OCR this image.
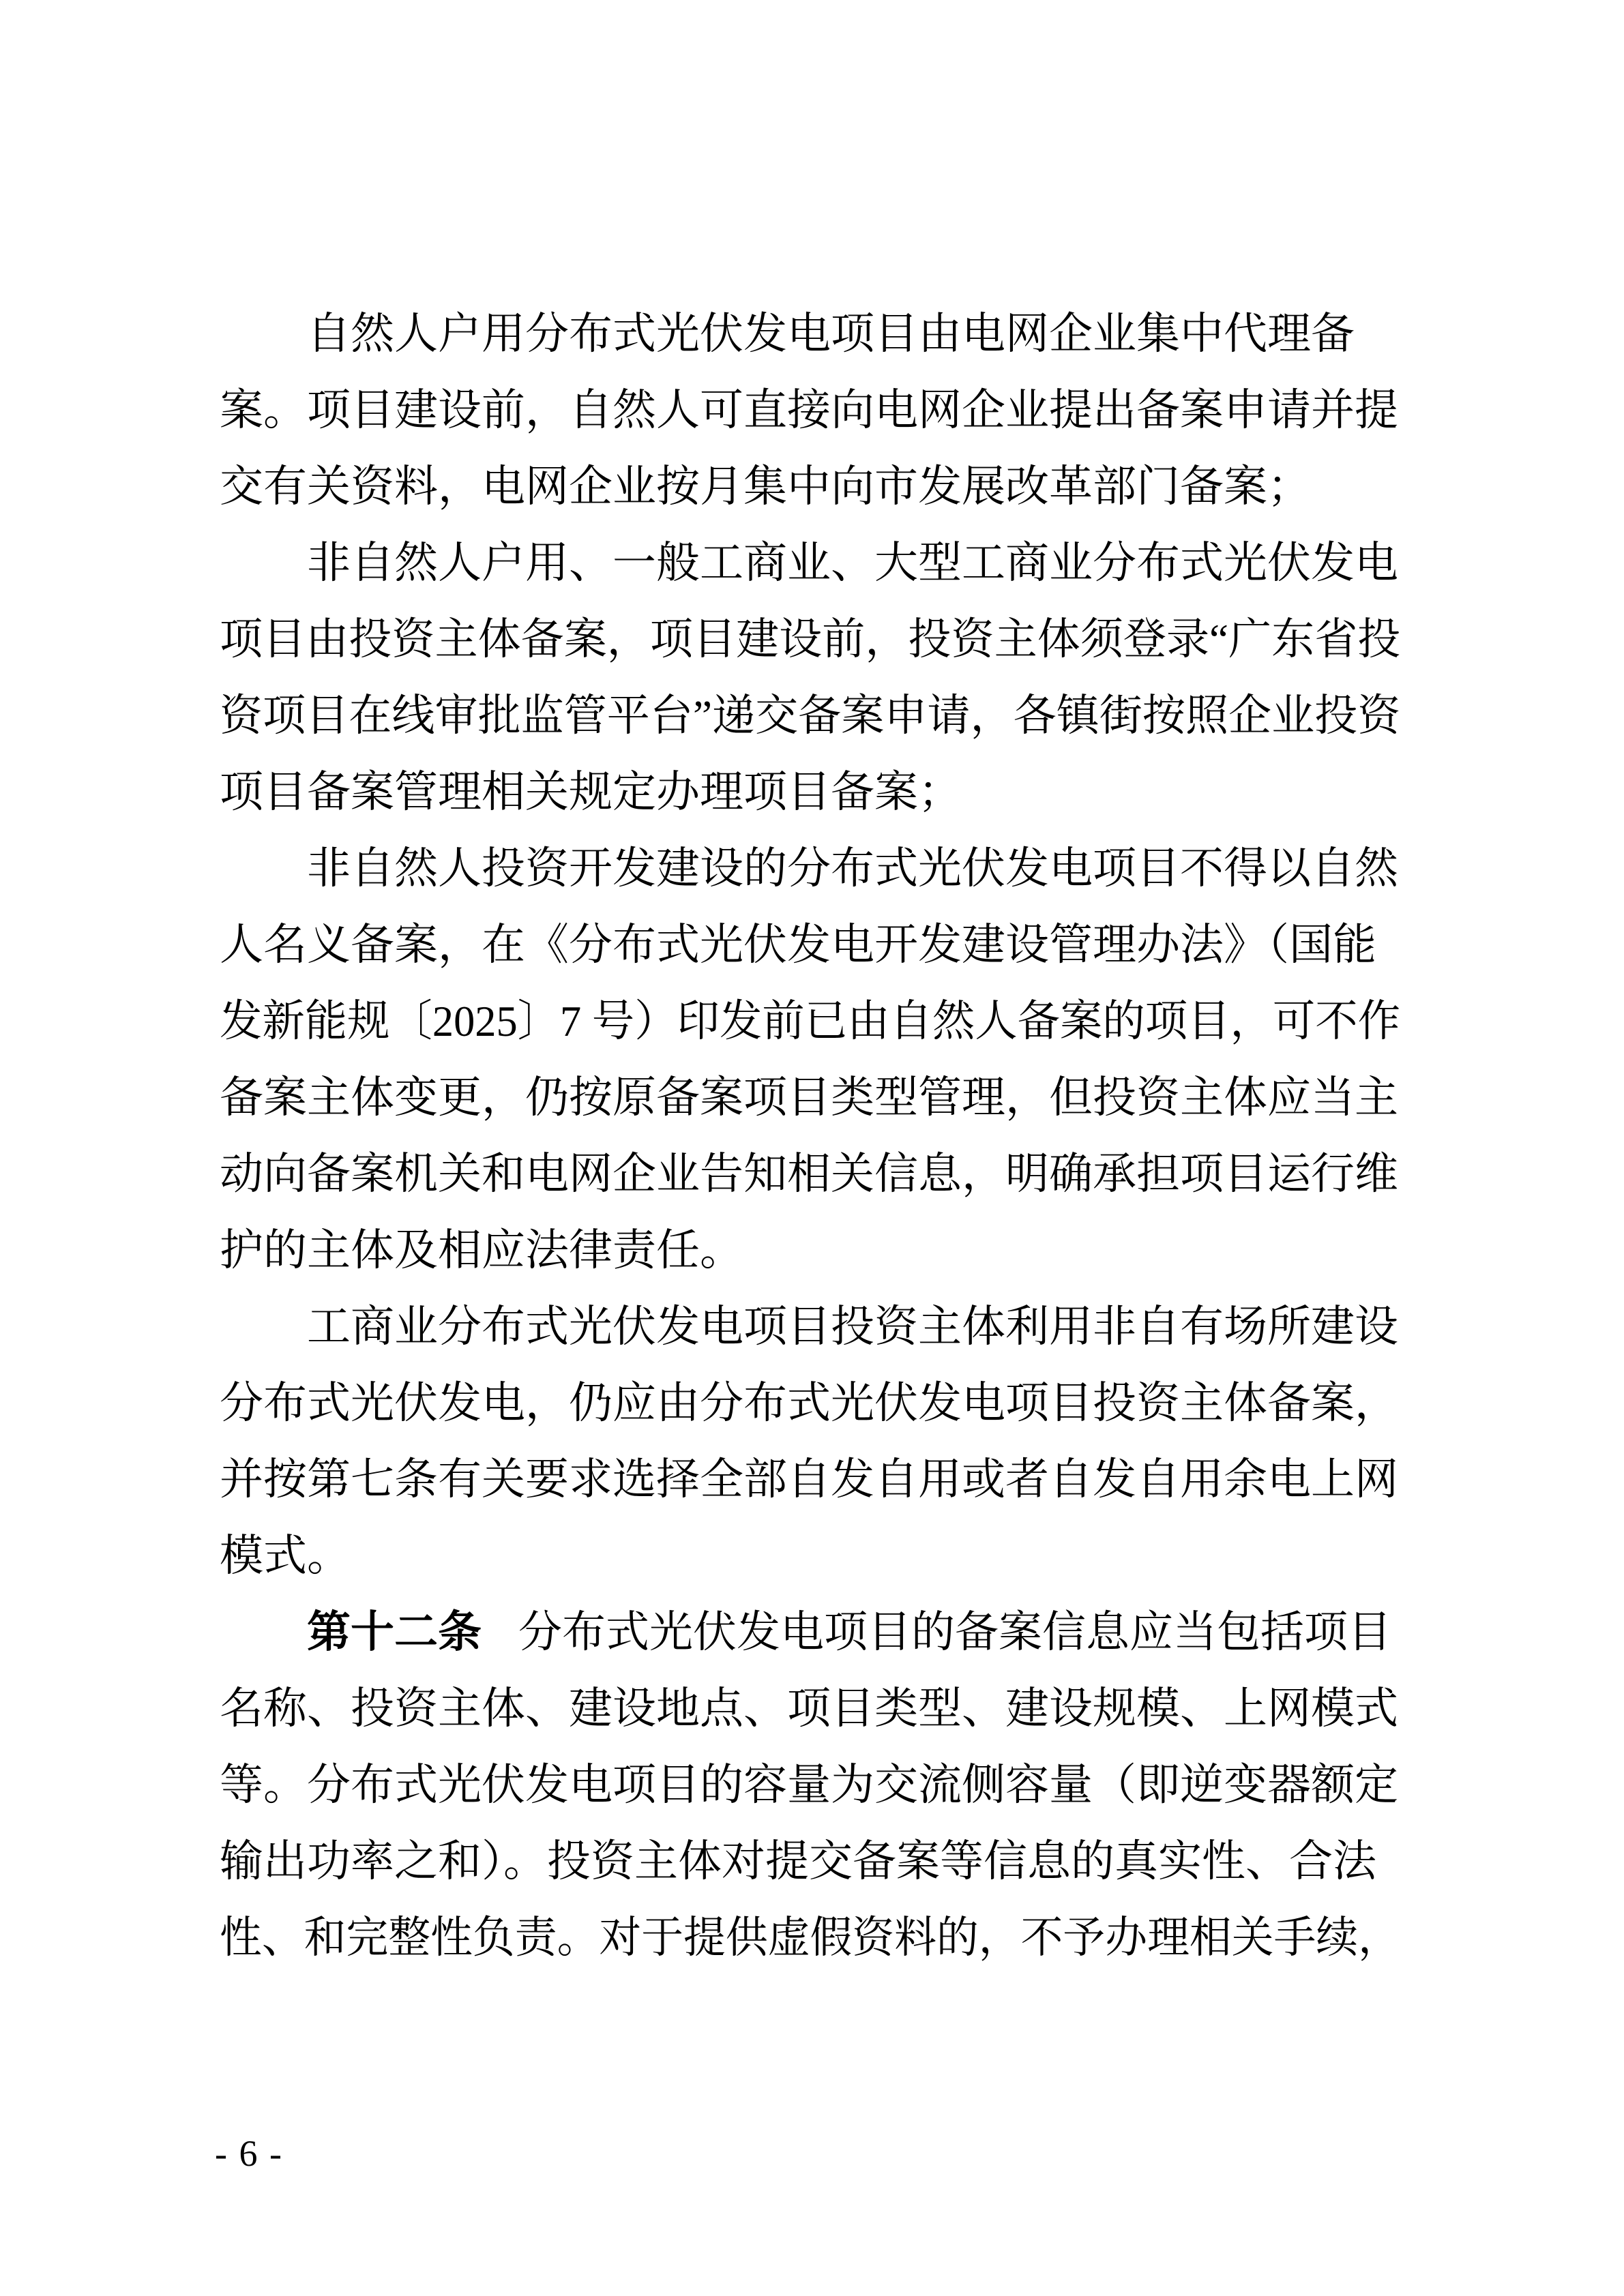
自然人户用分布式光伏发电项目由电网企业集中代理备
案。项目建设前，自然人可直接向电网企业提出备案申请并提
交有关资料，电网企业按月集中向市发展改革部门备案；
非自然人户用、一般工商业、大型工商业分布式光伏发电
项目由投资主体备案，项目建设前，投资主体须登录“广东省投
资项目在线审批监管平台”递交备案申请，各镇街按照企业投资
项目备案管理相关规定办理项目备案；
非自然人投资开发建设的分布式光伏发电项目不得以自然
人名义备案，在《分布式光伏发电开发建设管理办法》（国能
发新能规〔2025〕7 号）印发前已由自然人备案的项目，可不作
备案主体变更，仍按原备案项目类型管理，但投资主体应当主
动向备案机关和电网企业告知相关信息，明确承担项目运行维
护的主体及相应法律责任。
工商业分布式光伏发电项目投资主体利用非自有场所建设
分布式光伏发电，仍应由分布式光伏发电项目投资主体备案，
并按第七条有关要求选择全部自发自用或者自发自用余电上网
模式。
第十二条 分布式光伏发电项目的备案信息应当包括项目
名称、投资主体、建设地点、项目类型、建设规模、上网模式
等。分布式光伏发电项目的容量为交流侧容量（即逆变器额定
输出功率之和）。投资主体对提交备案等信息的真实性、合法
性、和完整性负责。对于提供虚假资料的，不予办理相关手续，
- 6 -
